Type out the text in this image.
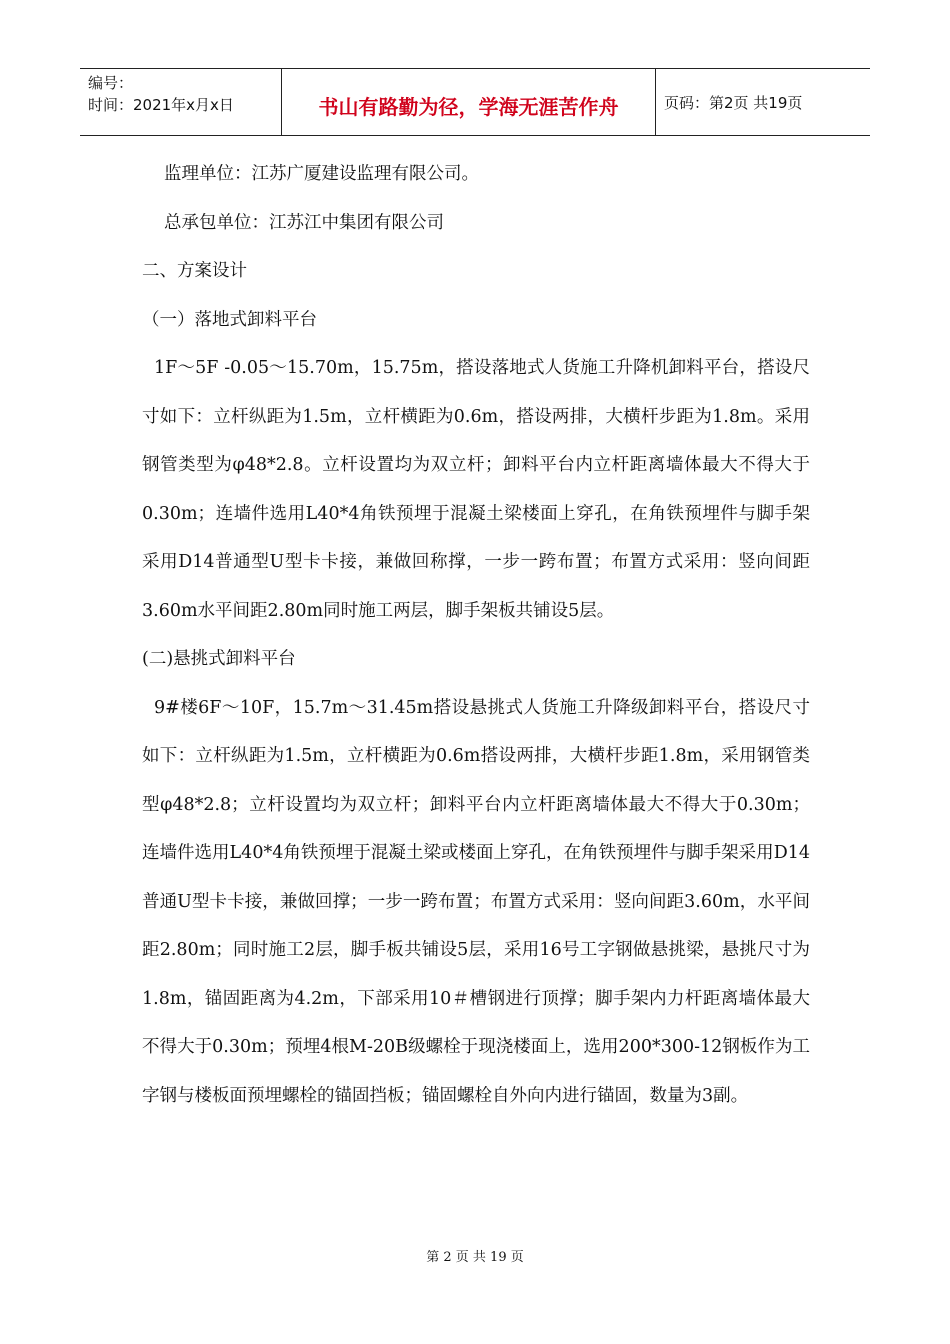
编号：
时间：2021年x月x日	书山有路勤为径，学海无涯苦作舟	页码：第2页 共19页

监理单位：江苏广厦建设监理有限公司。

总承包单位：江苏江中集团有限公司

二、方案设计

（一）落地式卸料平台

1F～5F -0.05～15.70m，15.75m，搭设落地式人货施工升降机卸料平台，搭设尺寸如下：立杆纵距为1.5m，立杆横距为0.6m，搭设两排，大横杆步距为1.8m。采用钢管类型为φ48*2.8。立杆设置均为双立杆；卸料平台内立杆距离墙体最大不得大于0.30m；连墙件选用L40*4角铁预埋于混凝土梁楼面上穿孔，在角铁预埋件与脚手架采用D14普通型U型卡卡接，兼做回称撑，一步一跨布置；布置方式采用：竖向间距3.60m水平间距2.80m同时施工两层，脚手架板共铺设5层。

(二)悬挑式卸料平台

9#楼6F～10F，15.7m～31.45m搭设悬挑式人货施工升降级卸料平台，搭设尺寸如下：立杆纵距为1.5m，立杆横距为0.6m搭设两排，大横杆步距1.8m，采用钢管类型φ48*2.8；立杆设置均为双立杆；卸料平台内立杆距离墙体最大不得大于0.30m；连墙件选用L40*4角铁预埋于混凝土梁或楼面上穿孔，在角铁预埋件与脚手架采用D14普通U型卡卡接，兼做回撑；一步一跨布置；布置方式采用：竖向间距3.60m，水平间距2.80m；同时施工2层，脚手板共铺设5层，采用16号工字钢做悬挑梁，悬挑尺寸为1.8m，锚固距离为4.2m，下部采用10＃槽钢进行顶撑；脚手架内力杆距离墙体最大不得大于0.30m；预埋4根M-20B级螺栓于现浇楼面上，选用200*300-12钢板作为工字钢与楼板面预埋螺栓的锚固挡板；锚固螺栓自外向内进行锚固，数量为3副。

第 2 页 共 19 页
